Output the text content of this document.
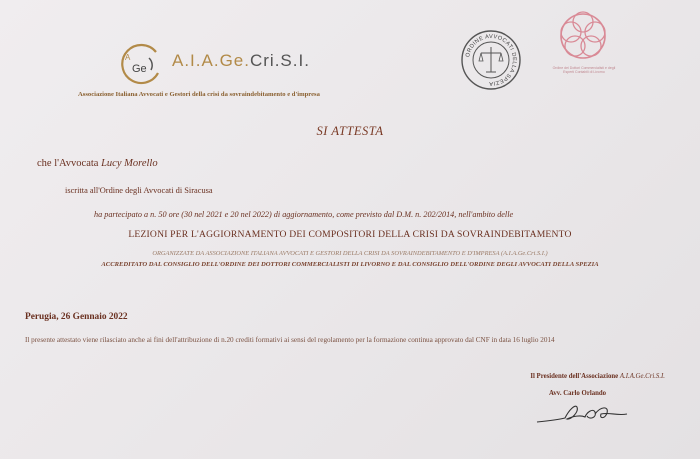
A
Ge A.I.A.Ge.Cri.S.I.
Associazione Italiana Avvocati e Gestori della crisi da sovraindebitamento e d'impresa
ORDINE AVVOCATI DELLA SPEZIA
Ordine dei Dottori Commercialisti e degli Esperti Contabili di Livorno
SI ATTESTA
che l'Avvocata Lucy Morello
iscritta all'Ordine degli Avvocati di Siracusa
ha partecipato a n. 50 ore (30 nel 2021 e 20 nel 2022) di aggiornamento, come previsto dal D.M. n. 202/2014, nell'ambito delle
LEZIONI PER L'AGGIORNAMENTO DEI COMPOSITORI DELLA CRISI DA SOVRAINDEBITAMENTO
ORGANIZZATE DA ASSOCIAZIONE ITALIANA AVVOCATI E GESTORI DELLA CRISI DA SOVRAINDEBITAMENTO E D'IMPRESA (A.I.A.Ge.Cri.S.I.)
ACCREDITATO DAL CONSIGLIO DELL'ORDINE DEI DOTTORI COMMERCIALISTI DI LIVORNO E DAL CONSIGLIO DELL'ORDINE DEGLI AVVOCATI DELLA SPEZIA
Perugia, 26 Gennaio 2022
Il presente attestato viene rilasciato anche ai fini dell'attribuzione di n.20 crediti formativi ai sensi del regolamento per la formazione continua approvato dal CNF in data 16 luglio 2014
Il Presidente dell'Associazione A.I.A.Ge.Cri.S.I.
Avv. Carlo Orlando
